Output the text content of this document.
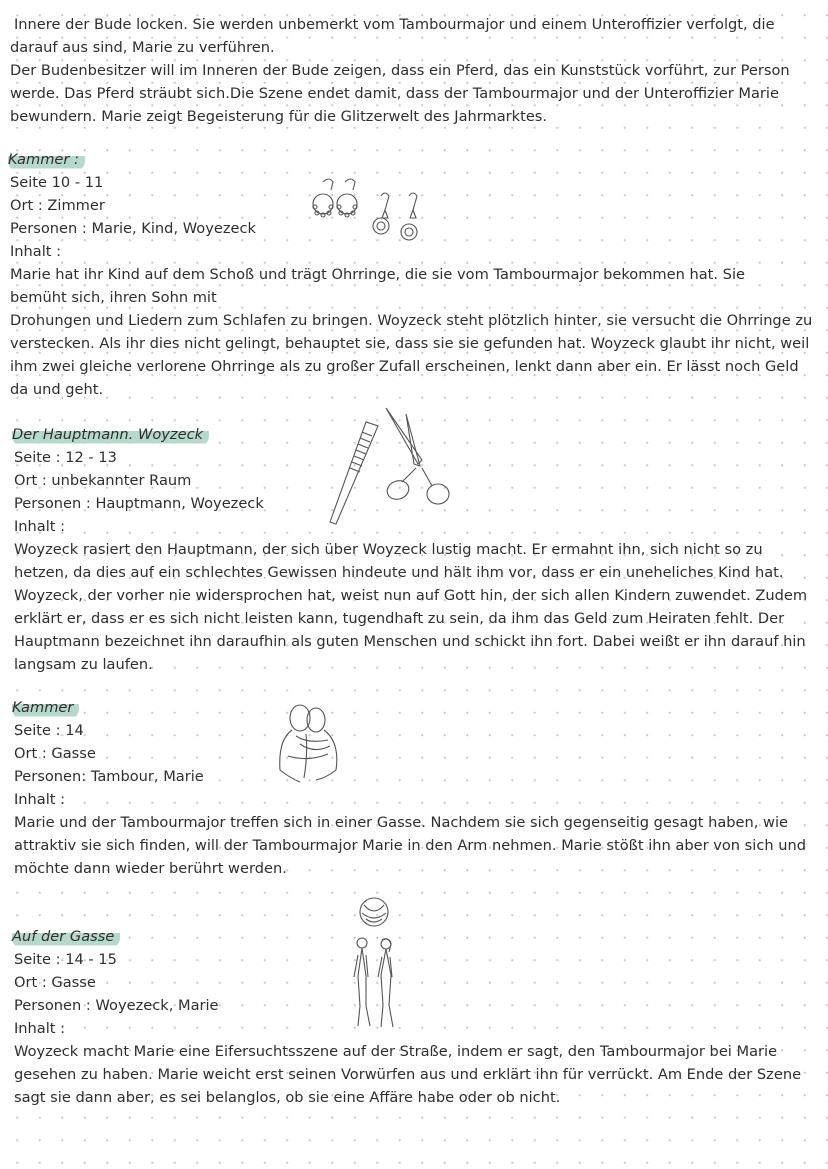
Innere der Bude locken. Sie werden unbemerkt vom Tambourmajor und einem Unteroffizier verfolgt, die darauf aus sind, Marie zu verführen.

Der Budenbesitzer will im Inneren der Bude zeigen, dass ein Pferd, das ein Kunststück vorführt, zur Person werde. Das Pferd sträubt sich.Die Szene endet damit, dass der Tambourmajor und der Unteroffizier Marie bewundern. Marie zeigt Begeisterung für die Glitzerwelt des Jahrmarktes.

Kammer :
Seite 10 - 11
Ort : Zimmer
Personen : Marie, Kind, Woyezeck
Inhalt :

Marie hat ihr Kind auf dem Schoß und trägt Ohrringe, die sie vom Tambourmajor bekommen hat. Sie bemüht sich, ihren Sohn mit

Drohungen und Liedern zum Schlafen zu bringen. Woyzeck steht plötzlich hinter, sie versucht die Ohrringe zu verstecken. Als ihr dies nicht gelingt, behauptet sie, dass sie sie gefunden hat. Woyzeck glaubt ihr nicht, weil ihm zwei gleiche verlorene Ohrringe als zu großer Zufall erscheinen, lenkt dann aber ein. Er lässt noch Geld da und geht.

Der Hauptmann. Woyzeck
Seite : 12 - 13
Ort : unbekannter Raum
Personen : Hauptmann, Woyezeck
Inhalt :

Woyzeck rasiert den Hauptmann, der sich über Woyzeck lustig macht. Er ermahnt ihn, sich nicht so zu hetzen, da dies auf ein schlechtes Gewissen hindeute und hält ihm vor, dass er ein uneheliches Kind hat. Woyzeck, der vorher nie widersprochen hat, weist nun auf Gott hin, der sich allen Kindern zuwendet. Zudem erklärt er, dass er es sich nicht leisten kann, tugendhaft zu sein, da ihm das Geld zum Heiraten fehlt. Der Hauptmann bezeichnet ihn daraufhin als guten Menschen und schickt ihn fort. Dabei weißt er ihn darauf hin langsam zu laufen.

Kammer
Seite : 14
Ort : Gasse
Personen: Tambour, Marie
Inhalt :

Marie und der Tambourmajor treffen sich in einer Gasse. Nachdem sie sich gegenseitig gesagt haben, wie attraktiv sie sich finden, will der Tambourmajor Marie in den Arm nehmen. Marie stößt ihn aber von sich und möchte dann wieder berührt werden.

Auf der Gasse
Seite : 14 - 15
Ort : Gasse
Personen : Woyezeck, Marie
Inhalt :

Woyzeck macht Marie eine Eifersuchtsszene auf der Straße, indem er sagt, den Tambourmajor bei Marie gesehen zu haben. Marie weicht erst seinen Vorwürfen aus und erklärt ihn für verrückt. Am Ende der Szene sagt sie dann aber, es sei belanglos, ob sie eine Affäre habe oder ob nicht.
